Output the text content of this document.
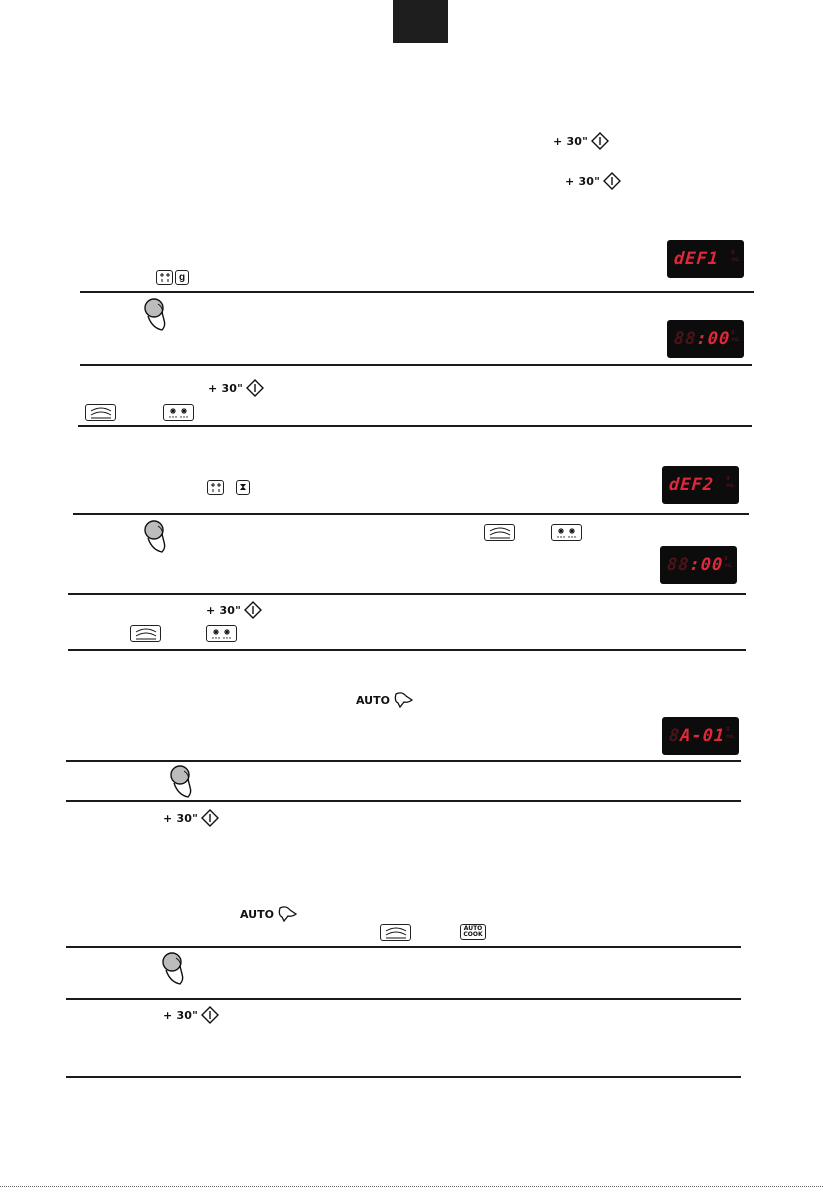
+ 30"
+ 30"
dEF1 g
mL
g
88:00 g
mL
+ 30"
dEF2 g
mL
⧗
88:00 g
mL
+ 30"
AUTO
8A-01 g
mL
+ 30"
AUTO
AUTO
COOK
+ 30"
